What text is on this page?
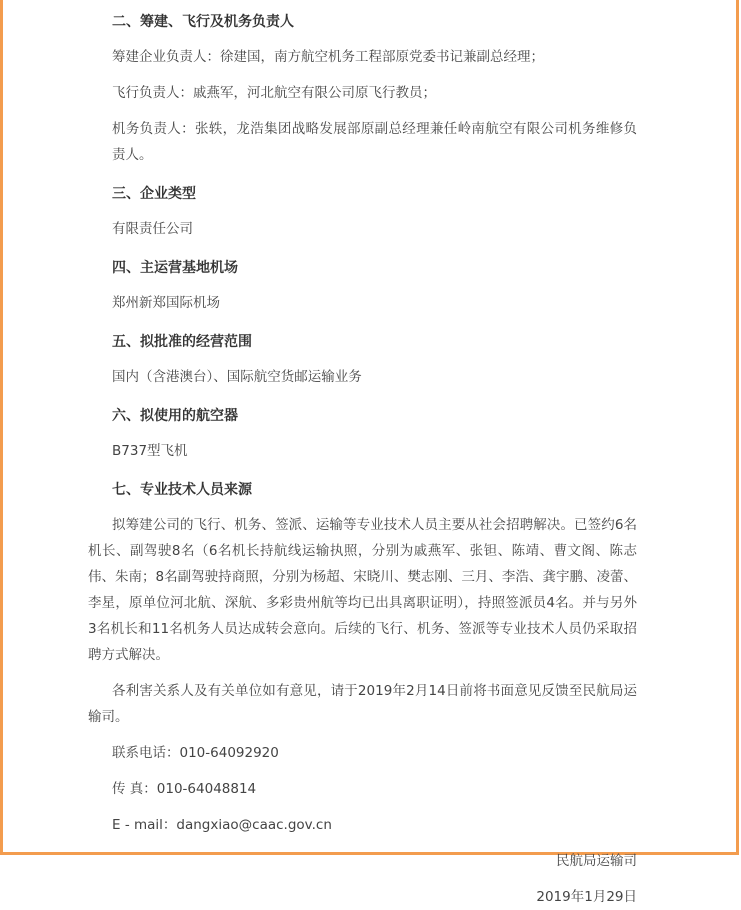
二、筹建、飞行及机务负责人

筹建企业负责人：徐建国，南方航空机务工程部原党委书记兼副总经理；

飞行负责人：戚燕军，河北航空有限公司原飞行教员；

机务负责人：张轶，龙浩集团战略发展部原副总经理兼任岭南航空有限公司机务维修负责人。

三、企业类型

有限责任公司

四、主运营基地机场

郑州新郑国际机场

五、拟批准的经营范围

国内（含港澳台）、国际航空货邮运输业务

六、拟使用的航空器

B737型飞机

七、专业技术人员来源

拟筹建公司的飞行、机务、签派、运输等专业技术人员主要从社会招聘解决。已签约6名机长、副驾驶8名（6名机长持航线运输执照，分别为戚燕军、张钽、陈靖、曹文阁、陈志伟、朱南；8名副驾驶持商照，分别为杨超、宋晓川、樊志刚、三月、李浩、龚宇鹏、凌蕾、李星，原单位河北航、深航、多彩贵州航等均已出具离职证明），持照签派员4名。并与另外3名机长和11名机务人员达成转会意向。后续的飞行、机务、签派等专业技术人员仍采取招聘方式解决。

各利害关系人及有关单位如有意见，请于2019年2月14日前将书面意见反馈至民航局运输司。

联系电话：010-64092920

传 真：010-64048814

E - mail：dangxiao@caac.gov.cn

民航局运输司

2019年1月29日
